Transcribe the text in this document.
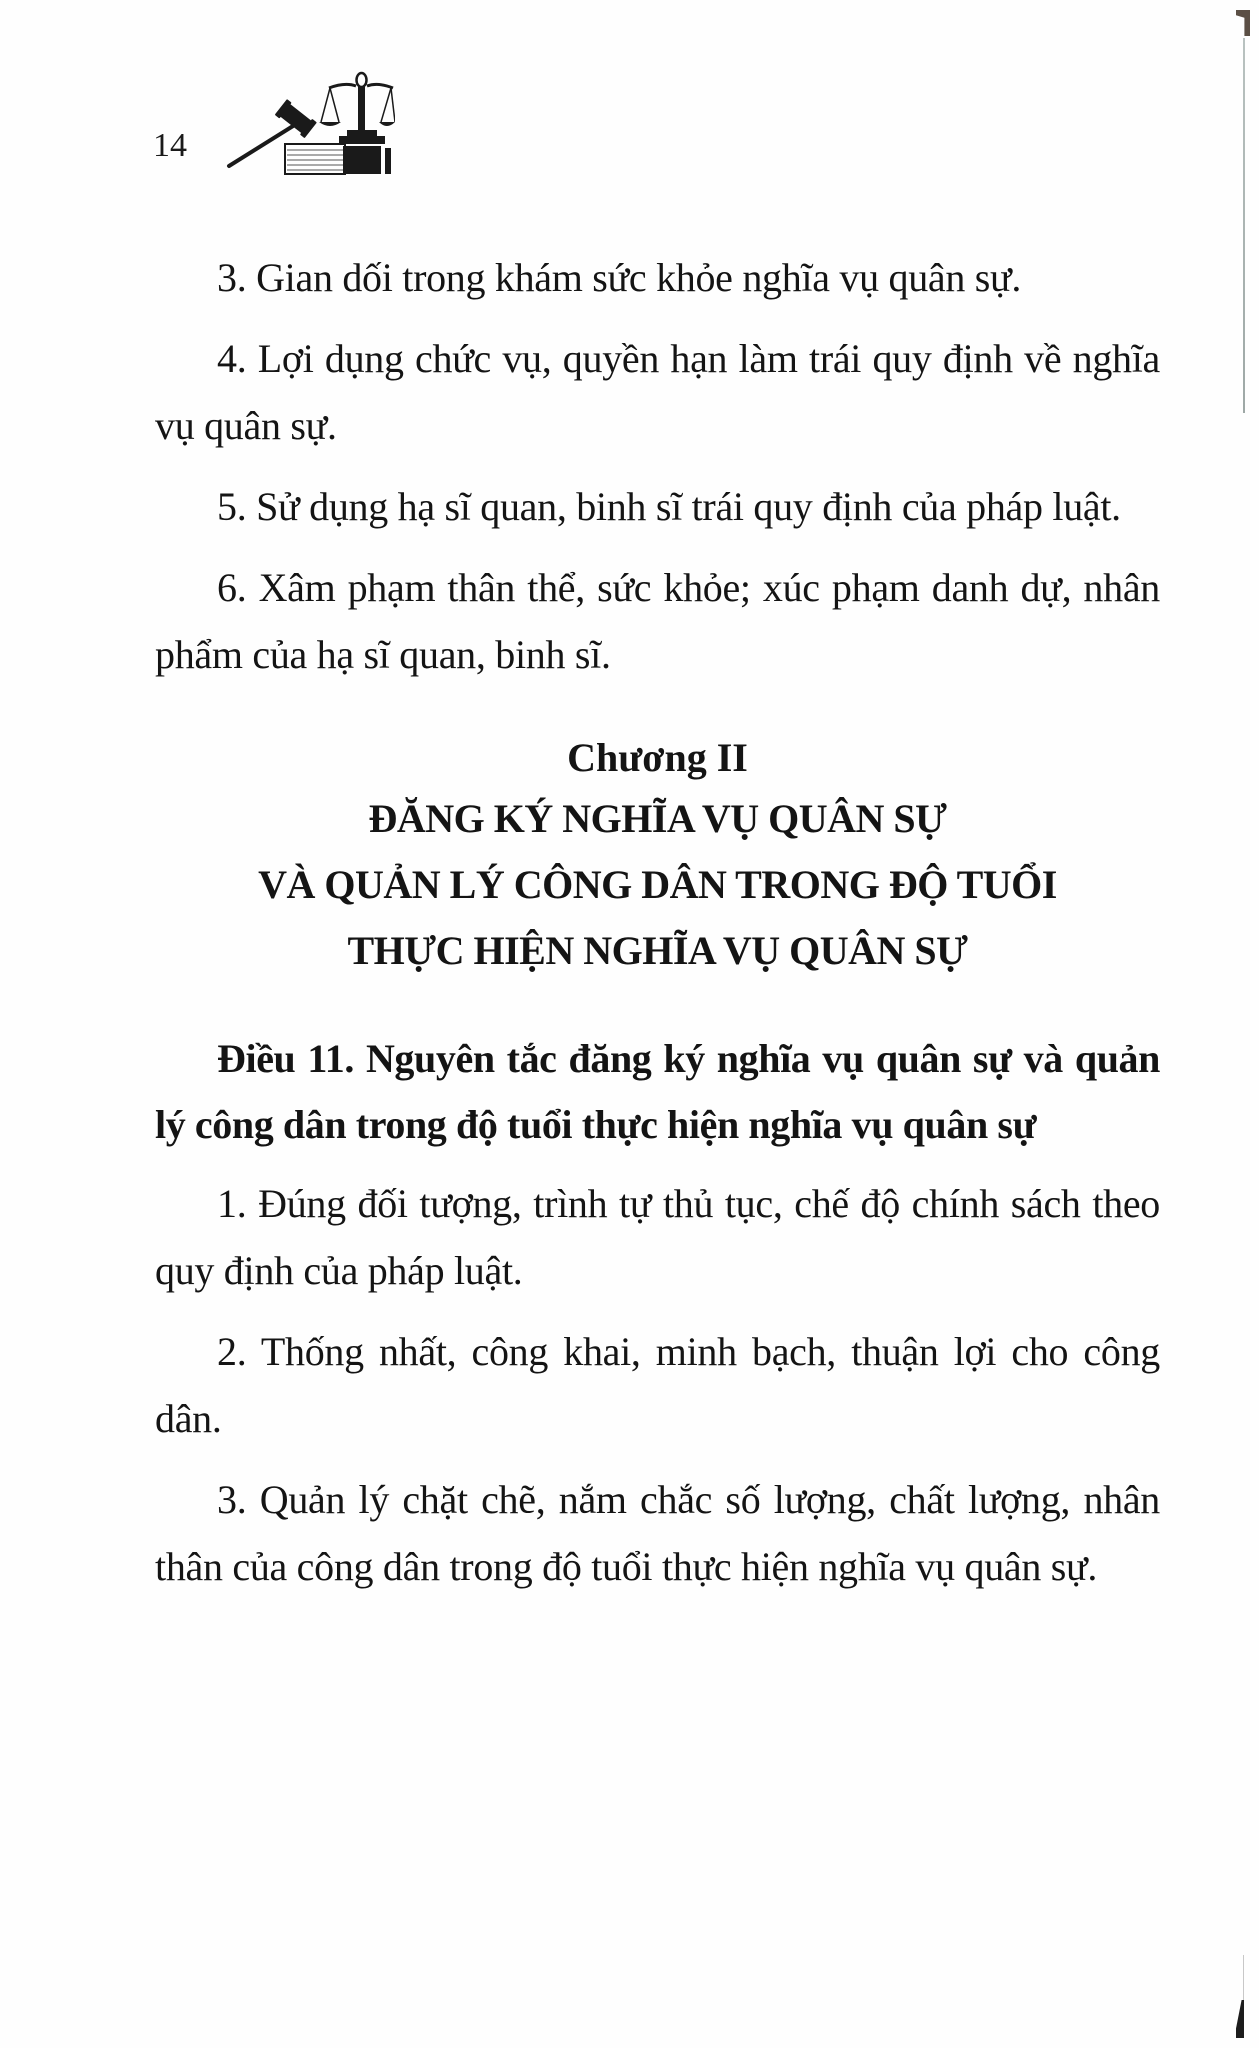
14

3. Gian dối trong khám sức khỏe nghĩa vụ quân sự.

4. Lợi dụng chức vụ, quyền hạn làm trái quy định về nghĩa vụ quân sự.

5. Sử dụng hạ sĩ quan, binh sĩ trái quy định của pháp luật.

6. Xâm phạm thân thể, sức khỏe; xúc phạm danh dự, nhân phẩm của hạ sĩ quan, binh sĩ.

Chương II

ĐĂNG KÝ NGHĨA VỤ QUÂN SỰ

VÀ QUẢN LÝ CÔNG DÂN TRONG ĐỘ TUỔI

THỰC HIỆN NGHĨA VỤ QUÂN SỰ

Điều 11. Nguyên tắc đăng ký nghĩa vụ quân sự và quản lý công dân trong độ tuổi thực hiện nghĩa vụ quân sự

1. Đúng đối tượng, trình tự thủ tục, chế độ chính sách theo quy định của pháp luật.

2. Thống nhất, công khai, minh bạch, thuận lợi cho công dân.

3. Quản lý chặt chẽ, nắm chắc số lượng, chất lượng, nhân thân của công dân trong độ tuổi thực hiện nghĩa vụ quân sự.
